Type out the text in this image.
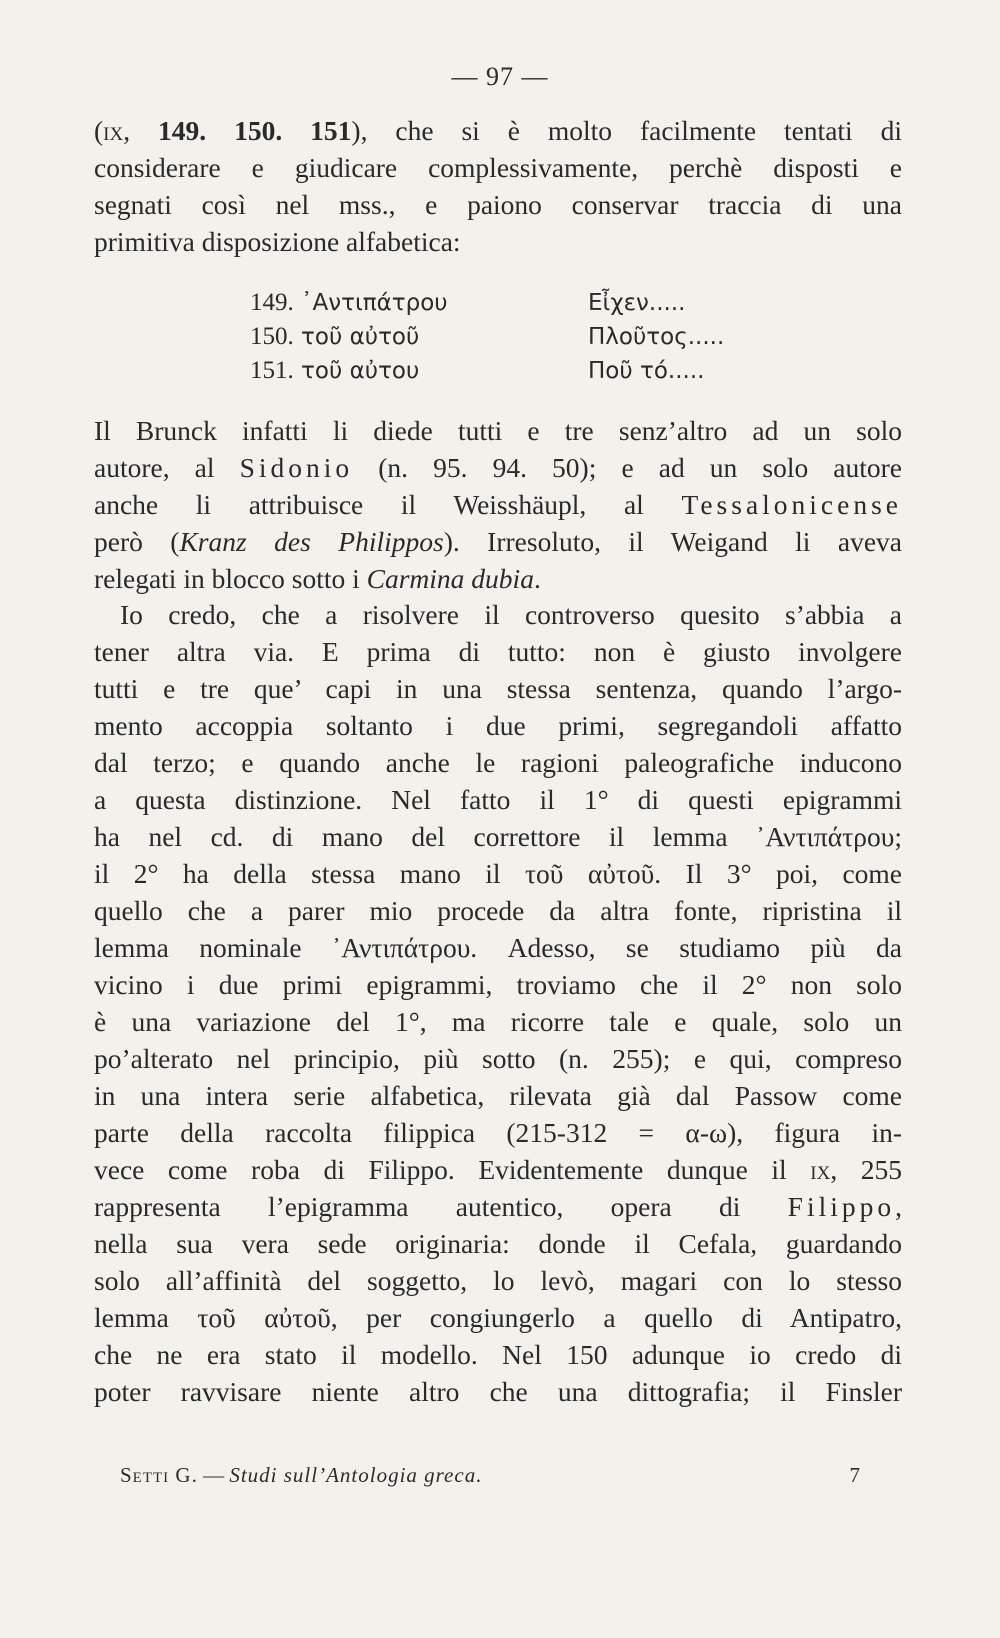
— 97 —
(ix, 149. 150. 151), che si è molto facilmente tentati di
considerare e giudicare complessivamente, perchè disposti e
segnati così nel mss., e paiono conservar traccia di una
primitiva disposizione alfabetica:
149. ᾿Αντιπάτρου	Εἶχεν.....
150. τοῦ αὐτοῦ	Πλοῦτος.....
151. τοῦ αὐτου	Ποῦ τό.....
Il Brunck infatti li diede tutti e tre senz’altro ad un solo
autore, al Sidonio (n. 95. 94. 50); e ad un solo autore
anche li attribuisce il Weisshäupl, al Tessalonicense
però (Kranz des Philippos). Irresoluto, il Weigand li aveva
relegati in blocco sotto i Carmina dubia.
Io credo, che a risolvere il controverso quesito s’abbia a
tener altra via. E prima di tutto: non è giusto involgere
tutti e tre que’ capi in una stessa sentenza, quando l’argo-
mento accoppia soltanto i due primi, segregandoli affatto
dal terzo; e quando anche le ragioni paleografiche inducono
a questa distinzione. Nel fatto il 1° di questi epigrammi
ha nel cd. di mano del correttore il lemma ᾿Αντιπάτρου;
il 2° ha della stessa mano il τοῦ αὐτοῦ. Il 3° poi, come
quello che a parer mio procede da altra fonte, ripristina il
lemma nominale ᾿Αντιπάτρου. Adesso, se studiamo più da
vicino i due primi epigrammi, troviamo che il 2° non solo
è una variazione del 1°, ma ricorre tale e quale, solo un
po’alterato nel principio, più sotto (n. 255); e qui, compreso
in una intera serie alfabetica, rilevata già dal Passow come
parte della raccolta filippica (215-312 = α-ω), figura in-
vece come roba di Filippo. Evidentemente dunque il ix, 255
rappresenta l’epigramma autentico, opera di Filippo,
nella sua vera sede originaria: donde il Cefala, guardando
solo all’affinità del soggetto, lo levò, magari con lo stesso
lemma τοῦ αὐτοῦ, per congiungerlo a quello di Antipatro,
che ne era stato il modello. Nel 150 adunque io credo di
poter ravvisare niente altro che una dittografia; il Finsler
Setti G. — Studi sull’Antologia greca.	7
